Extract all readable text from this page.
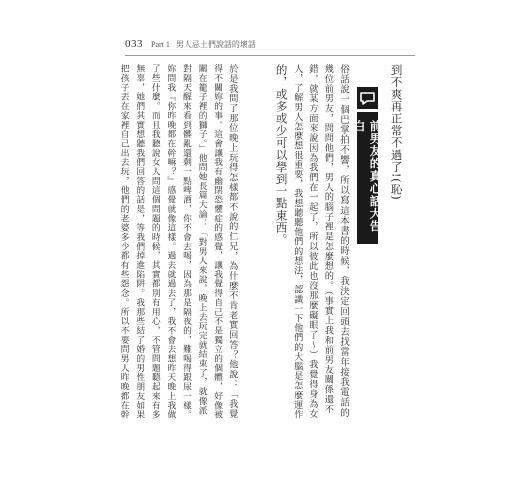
033 Part 1 男人忌土們說話的壞話
到不爽再正常不過了!(恥)
前男友的真心話大告白
俗話說一個巴掌拍不響，所以寫這本書的時候，我決定回頭去找當年接我電話的
幾位前男友，問問他們，男人的腦子裡是怎麼想的。（事實上我和前男友關係還不
錯，就某方面來說因為我們在一起了，所以彼此也沒那麼礙眼了～）我覺得身為女
人，了解男人怎麼想很重要，我想聽聽他們的想法，認識一下他們的大腦是怎麼運作
的，或多或少可以學到一點東西。
於是我問了那位晚上玩得怎樣都不說的仁兄，為什麼不肯老實回答？他說：「我覺
得不關妳的事。這會讓我有幽閉恐懼症的感覺，讓我覺得自己不是獨立的個體，好像被
關在籠子裡的獅子。」他問她長篇大論：「對男人來說，晚上去玩完就結束了，就像派
對隔天醒來看到髒亂還剩一點啤酒，你不會去喝，因為那是隔夜的，難喝得跟尿一樣。
妳問我『你昨晚都在幹嘛？』感覺就像這樣。過去就過去了，我不會去想昨天晚上我做
了些什麼。而且我聽說女人問這個問題的時候，其實都別有用心，不管問題聽起來有多
無辜，她們其實想聽我們回答的話是，等我們掉進陷阱。我那些結了婚的男性朋友如果
把孩子丟在家裡自己出去玩，他們的老婆多少都有些怨念。所以不要問男人昨晚都在幹
